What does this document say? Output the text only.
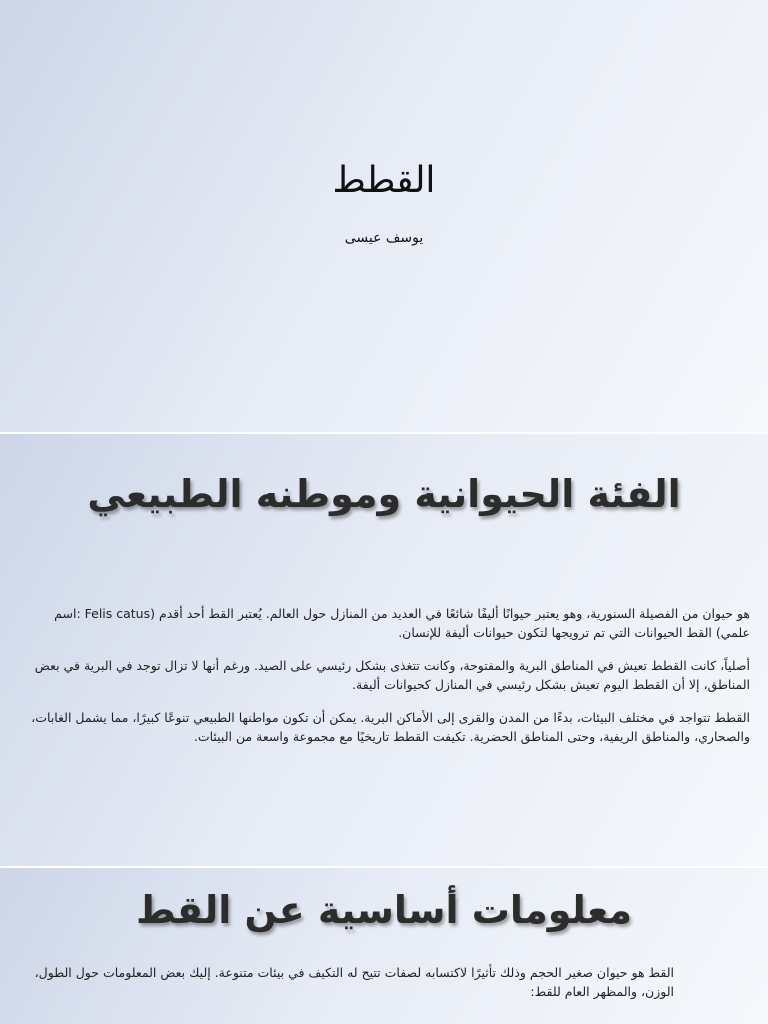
القطط
يوسف عيسى
الفئة الحيوانية وموطنه الطبيعي

هو حيوان من الفصيلة السنورية، وهو يعتبر حيوانًا أليفًا شائعًا في العديد من المنازل حول العالم. يُعتبر القط أحد أقدم (Felis catus :اسم علمي) القط الحيوانات التي تم ترويجها لتكون حيوانات أليفة للإنسان.

أصلياً، كانت القطط تعيش في المناطق البرية والمفتوحة، وكانت تتغذى بشكل رئيسي على الصيد. ورغم أنها لا تزال توجد في البرية في بعض المناطق، إلا أن القطط اليوم تعيش بشكل رئيسي في المنازل كحيوانات أليفة.

القطط تتواجد في مختلف البيئات، بدءًا من المدن والقرى إلى الأماكن البرية. يمكن أن تكون مواطنها الطبيعي تنوعًا كبيرًا، مما يشمل الغابات، والصحاري، والمناطق الريفية، وحتى المناطق الحضرية. تكيفت القطط تاريخيًا مع مجموعة واسعة من البيئات.

معلومات أساسية عن القط

القط هو حيوان صغير الحجم وذلك تأثيرًا لاكتسابه لصفات تتيح له التكيف في بيئات متنوعة. إليك بعض المعلومات حول الطول، الوزن، والمظهر العام للقط:
